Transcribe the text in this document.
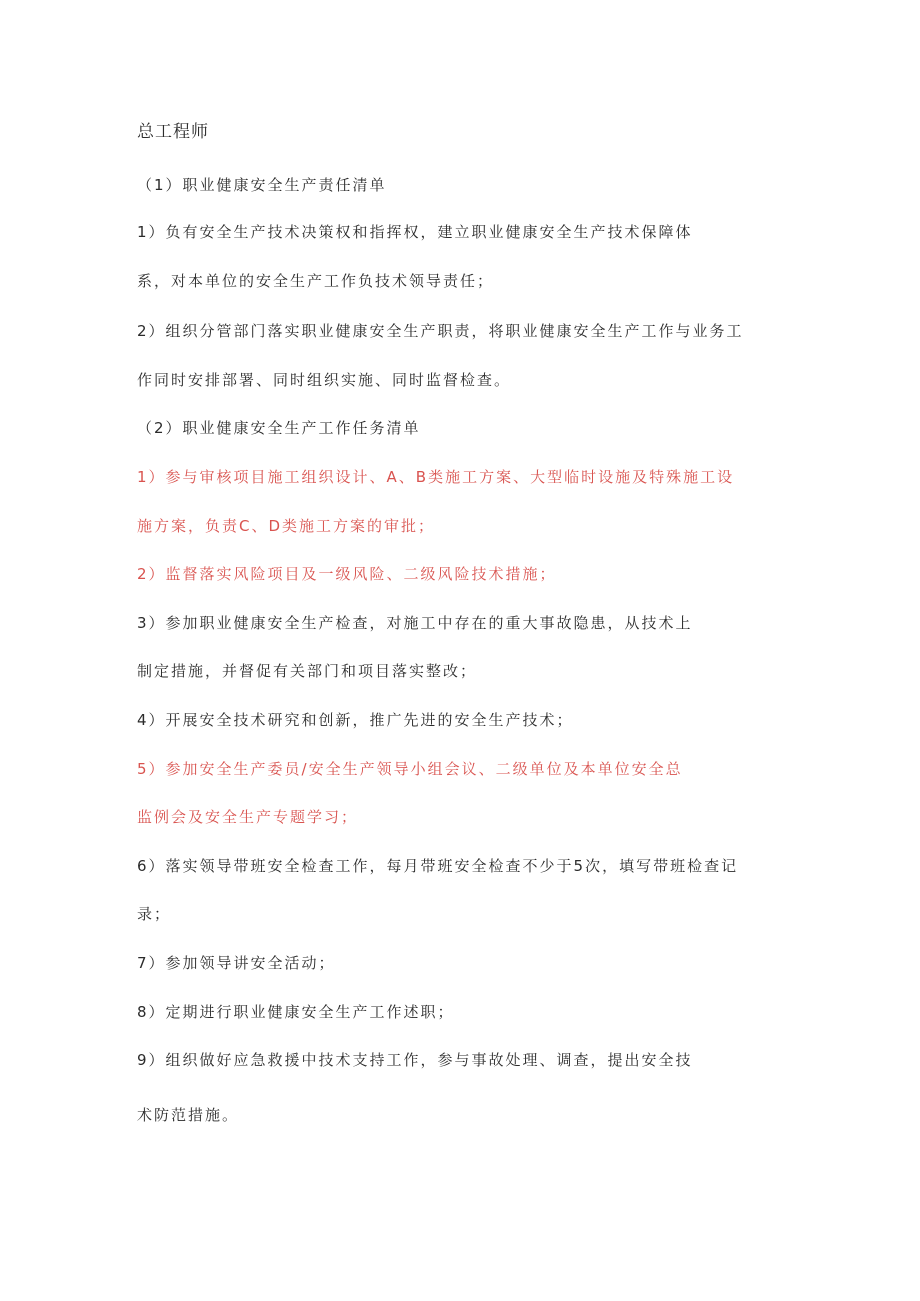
总工程师
（1）职业健康安全生产责任清单
1）负有安全生产技术决策权和指挥权，建立职业健康安全生产技术保障体
系，对本单位的安全生产工作负技术领导责任；
2）组织分管部门落实职业健康安全生产职责，将职业健康安全生产工作与业务工
作同时安排部署、同时组织实施、同时监督检查。
（2）职业健康安全生产工作任务清单
1）参与审核项目施工组织设计、A、B类施工方案、大型临时设施及特殊施工设
施方案，负责C、D类施工方案的审批；
2）监督落实风险项目及一级风险、二级风险技术措施；
3）参加职业健康安全生产检查，对施工中存在的重大事故隐患，从技术上
制定措施，并督促有关部门和项目落实整改；
4）开展安全技术研究和创新，推广先进的安全生产技术；
5）参加安全生产委员/安全生产领导小组会议、二级单位及本单位安全总
监例会及安全生产专题学习；
6）落实领导带班安全检查工作，每月带班安全检查不少于5次，填写带班检查记
录；
7）参加领导讲安全活动；
8）定期进行职业健康安全生产工作述职；
9）组织做好应急救援中技术支持工作，参与事故处理、调查，提出安全技
术防范措施。
